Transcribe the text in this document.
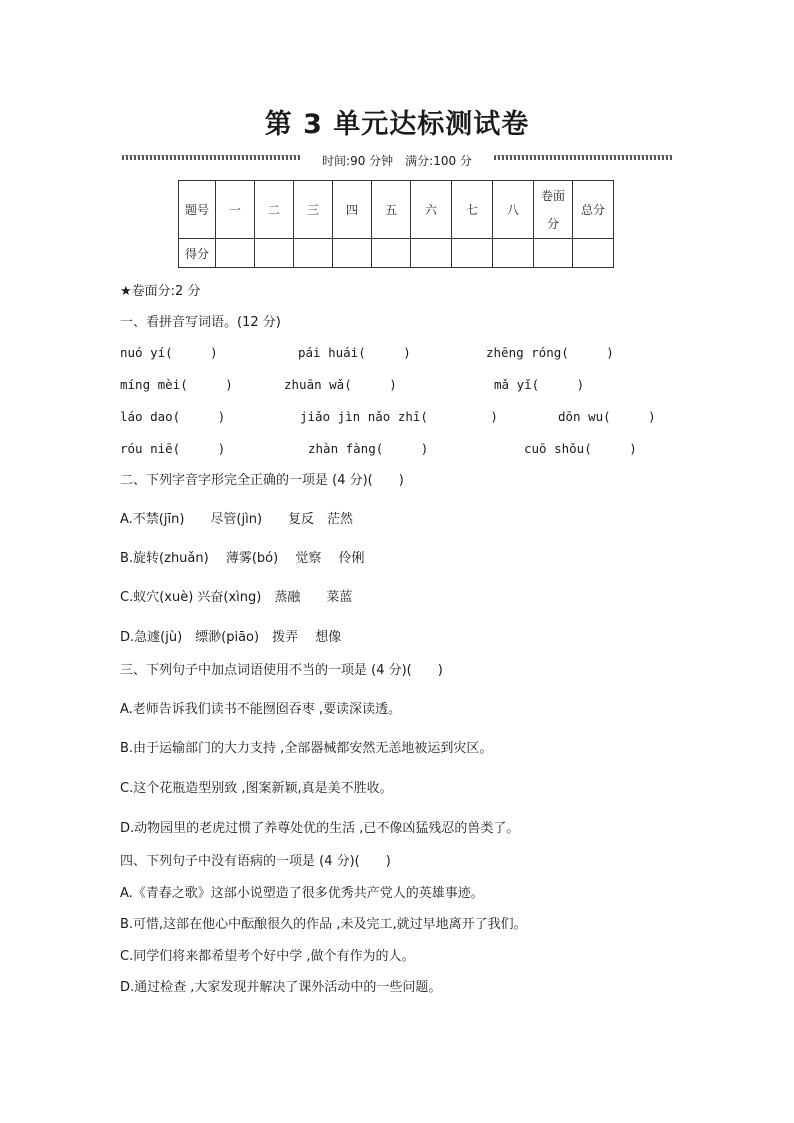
第 3 单元达标测试卷
时间:90 分钟　满分:100 分
题号	一	二	三	四	五	六	七	八	卷面分	总分
得分										
★卷面分:2 分
一、看拼音写词语。(12 分)
nuó yí(　　　)	pái huái(　　　)	zhēng róng(　　　)
míng mèi(　　　)	zhuān wǎ(　　　)	mǎ yǐ(　　　)
láo dao(　　　)	jiǎo jìn nǎo zhī(　　　　　)	dōn wu(　　　)
róu niē(　　　)	zhàn fàng(　　　)	cuō shǒu(　　　)
二、下列字音字形完全正确的一项是 (4 分)(　　)
A.不禁(jīn)　　尽管(jìn)　　复反　茫然
B.旋转(zhuǎn)　 薄雾(bó)　 觉察　 伶俐
C.蚁穴(xuè) 兴奋(xìng)　蒸融　　菜蓝
D.急遽(jù)　缥渺(piāo)　拨弄　 想像
三、下列句子中加点词语使用不当的一项是 (4 分)(　　)
A.老师告诉我们读书不能囫囵吞枣 ,要读深读透。
B.由于运输部门的大力支持 ,全部器械都安然无恙地被运到灾区。
C.这个花瓶造型别致 ,图案新颖,真是美不胜收。
D.动物园里的老虎过惯了养尊处优的生活 ,已不像凶猛残忍的兽类了。
四、下列句子中没有语病的一项是 (4 分)(　　)
A.《青春之歌》这部小说塑造了很多优秀共产党人的英雄事迹。
B.可惜,这部在他心中酝酿很久的作品 ,未及完工,就过早地离开了我们。
C.同学们将来都希望考个好中学 ,做个有作为的人。
D.通过检查 ,大家发现并解决了课外活动中的一些问题。
